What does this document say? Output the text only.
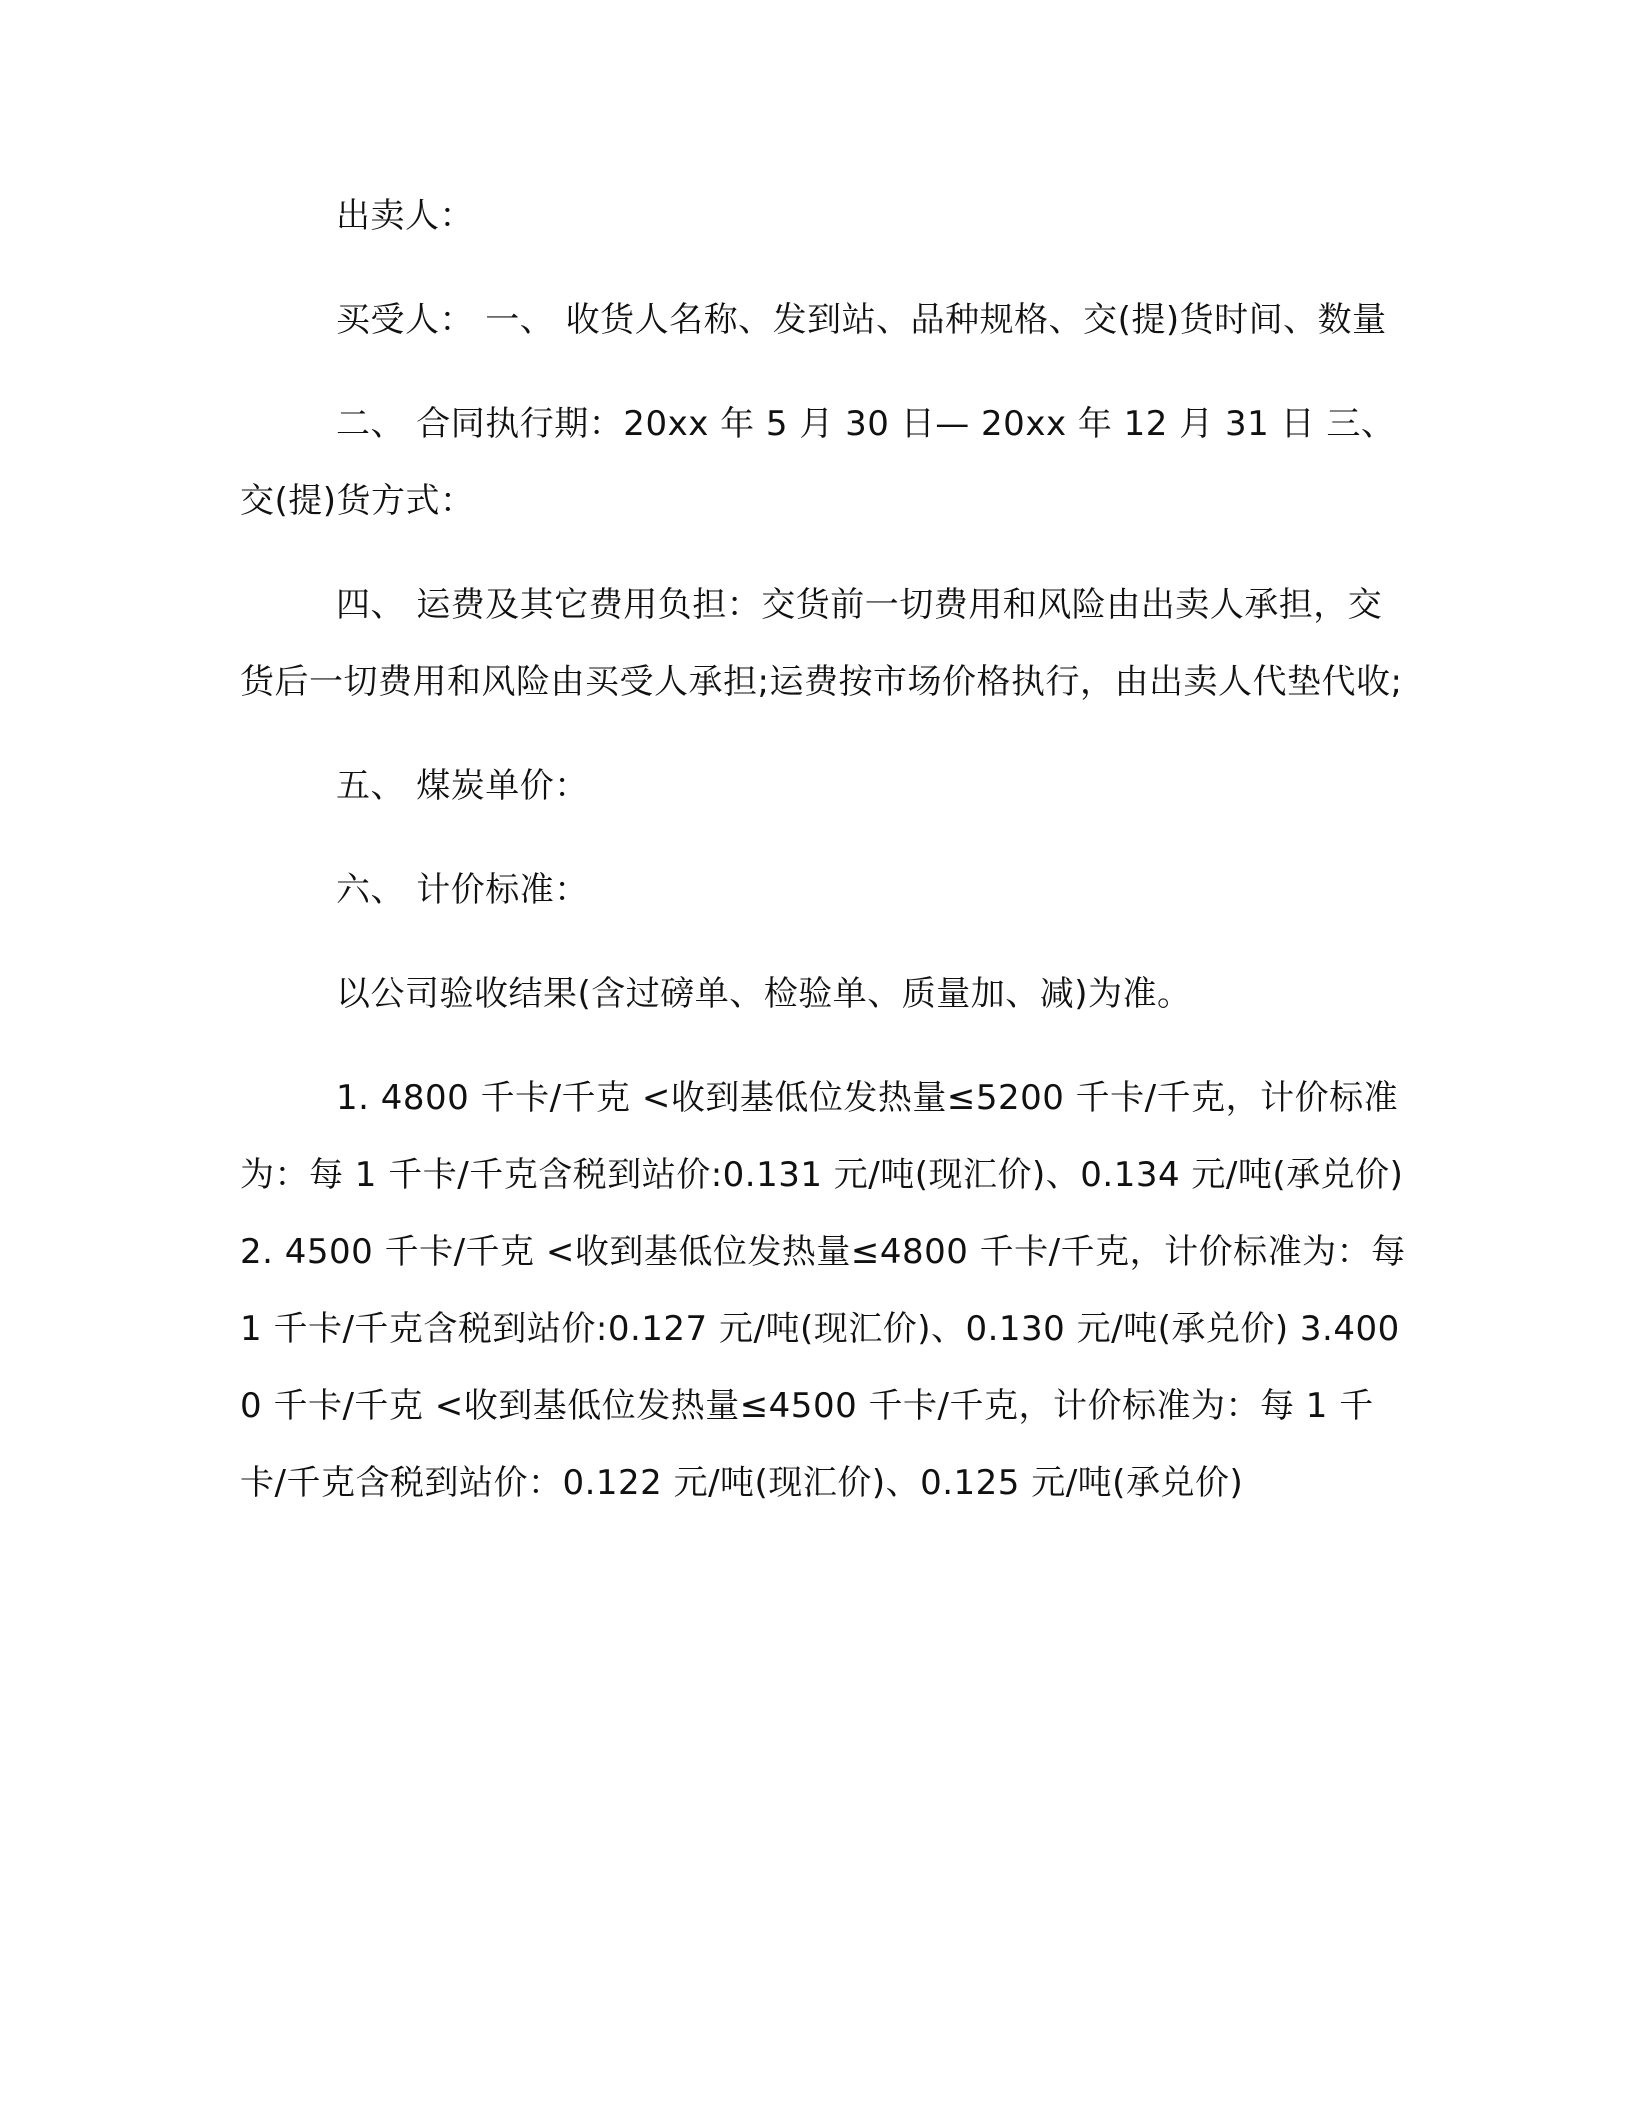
出卖人：

买受人： 一、 收货人名称、发到站、品种规格、交(提)货时间、数量

二、 合同执行期：20xx 年 5 月 30 日— 20xx 年 12 月 31 日 三、交(提)货方式：

四、 运费及其它费用负担：交货前一切费用和风险由出卖人承担，交货后一切费用和风险由买受人承担;运费按市场价格执行，由出卖人代垫代收;

五、 煤炭单价：

六、 计价标准：

以公司验收结果(含过磅单、检验单、质量加、减)为准。

1. 4800 千卡/千克 <收到基低位发热量≤5200 千卡/千克，计价标准为：每 1 千卡/千克含税到站价:0.131 元/吨(现汇价)、0.134 元/吨(承兑价) 2. 4500 千卡/千克 <收到基低位发热量≤4800 千卡/千克，计价标准为：每 1 千卡/千克含税到站价:0.127 元/吨(现汇价)、0.130 元/吨(承兑价) 3.4000 千卡/千克 <收到基低位发热量≤4500 千卡/千克，计价标准为：每 1 千卡/千克含税到站价：0.122 元/吨(现汇价)、0.125 元/吨(承兑价)
